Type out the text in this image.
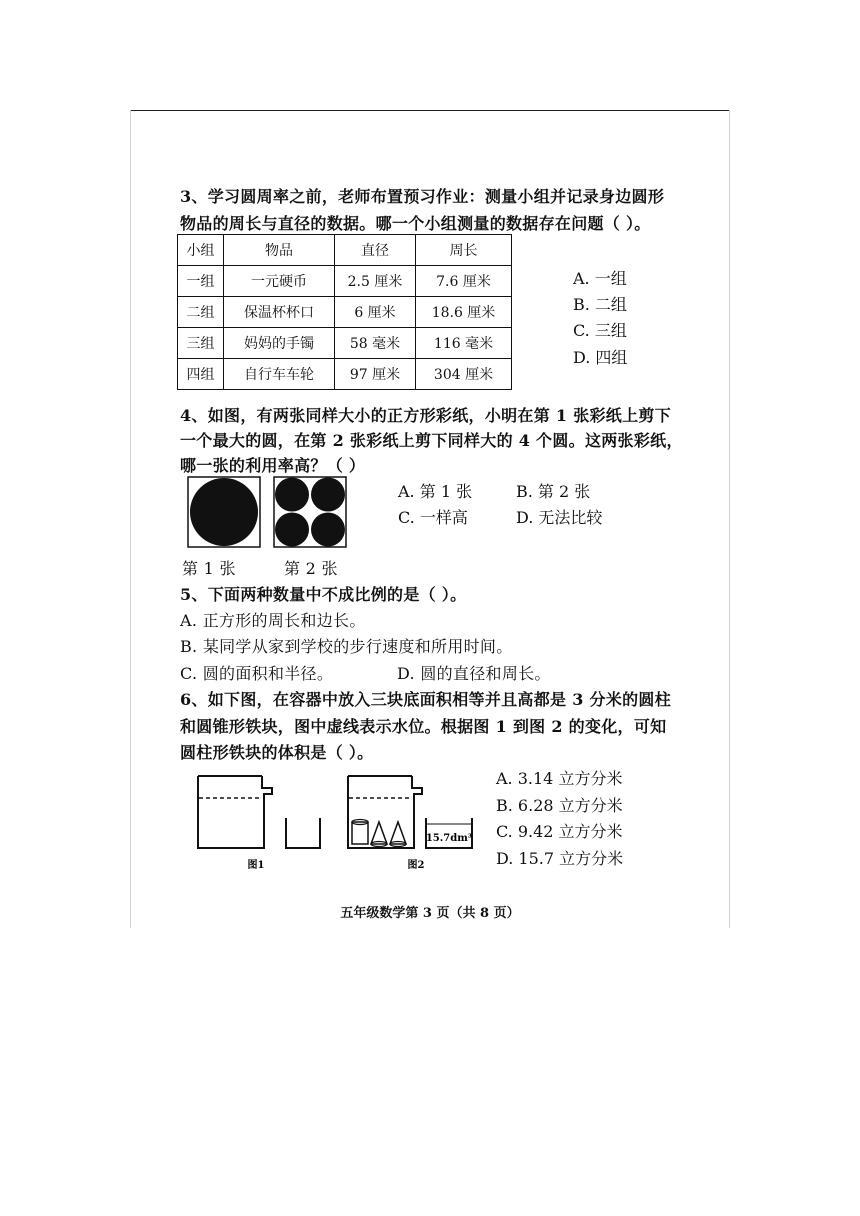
3、学习圆周率之前，老师布置预习作业：测量小组并记录身边圆形
物品的周长与直径的数据。哪一个小组测量的数据存在问题（ ）。
小组	物品	直径	周长
一组	一元硬币	2.5 厘米	7.6 厘米
二组	保温杯杯口	6 厘米	18.6 厘米
三组	妈妈的手镯	58 毫米	116 毫米
四组	自行车车轮	97 厘米	304 厘米
A. 一组
B. 二组
C. 三组
D. 四组
4、如图，有两张同样大小的正方形彩纸，小明在第 1 张彩纸上剪下
一个最大的圆，在第 2 张彩纸上剪下同样大的 4 个圆。这两张彩纸，
哪一张的利用率高？（ ）
A. 第 1 张	B. 第 2 张
C. 一样高	D. 无法比较
第 1 张	第 2 张
5、下面两种数量中不成比例的是（ ）。
A. 正方形的周长和边长。
B. 某同学从家到学校的步行速度和所用时间。
C. 圆的面积和半径。	D. 圆的直径和周长。
6、如下图，在容器中放入三块底面积相等并且高都是 3 分米的圆柱
和圆锥形铁块，图中虚线表示水位。根据图 1 到图 2 的变化，可知
圆柱形铁块的体积是（ ）。
图1
15.7dm³
图2
A. 3.14 立方分米
B. 6.28 立方分米
C. 9.42 立方分米
D. 15.7 立方分米
五年级数学第 3 页（共 8 页）
